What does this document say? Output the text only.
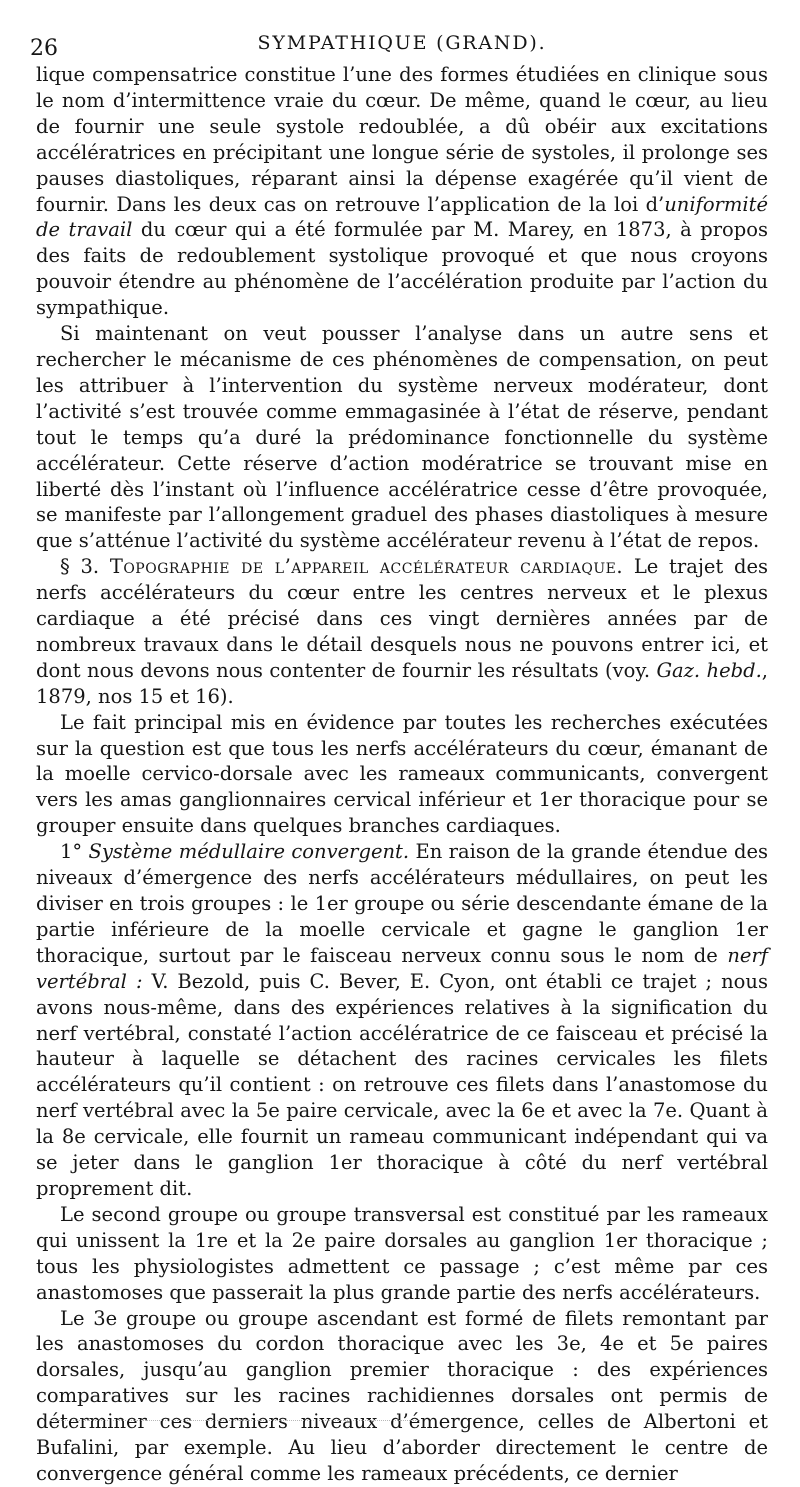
26	SYMPATHIQUE (GRAND).

lique compensatrice constitue l’une des formes étudiées en clinique sous le nom d’intermittence vraie du cœur. De même, quand le cœur, au lieu de fournir une seule systole redoublée, a dû obéir aux excitations accélératrices en précipitant une longue série de systoles, il prolonge ses pauses diastoliques, réparant ainsi la dépense exagérée qu’il vient de fournir. Dans les deux cas on retrouve l’application de la loi d’uniformité de travail du cœur qui a été formulée par M. Marey, en 1873, à propos des faits de redoublement systolique provoqué et que nous croyons pouvoir étendre au phénomène de l’accélération produite par l’action du sympathique.

Si maintenant on veut pousser l’analyse dans un autre sens et rechercher le mécanisme de ces phénomènes de compensation, on peut les attribuer à l’intervention du système nerveux modérateur, dont l’activité s’est trouvée comme emmagasinée à l’état de réserve, pendant tout le temps qu’a duré la prédominance fonctionnelle du système accélérateur. Cette réserve d’action modératrice se trouvant mise en liberté dès l’instant où l’influence accélératrice cesse d’être provoquée, se manifeste par l’allongement graduel des phases diastoliques à mesure que s’atténue l’activité du système accélérateur revenu à l’état de repos.

§ 3. Topographie de l’appareil accélérateur cardiaque. Le trajet des nerfs accélérateurs du cœur entre les centres nerveux et le plexus cardiaque a été précisé dans ces vingt dernières années par de nombreux travaux dans le détail desquels nous ne pouvons entrer ici, et dont nous devons nous contenter de fournir les résultats (voy. Gaz. hebd., 1879, nos 15 et 16).

Le fait principal mis en évidence par toutes les recherches exécutées sur la question est que tous les nerfs accélérateurs du cœur, émanant de la moelle cervico-dorsale avec les rameaux communicants, convergent vers les amas ganglionnaires cervical inférieur et 1er thoracique pour se grouper ensuite dans quelques branches cardiaques.

1° Système médullaire convergent. En raison de la grande étendue des niveaux d’émergence des nerfs accélérateurs médullaires, on peut les diviser en trois groupes : le 1er groupe ou série descendante émane de la partie inférieure de la moelle cervicale et gagne le ganglion 1er thoracique, surtout par le faisceau nerveux connu sous le nom de nerf vertébral : V. Bezold, puis C. Bever, E. Cyon, ont établi ce trajet ; nous avons nous-même, dans des expériences relatives à la signification du nerf vertébral, constaté l’action accélératrice de ce faisceau et précisé la hauteur à laquelle se détachent des racines cervicales les filets accélérateurs qu’il contient : on retrouve ces filets dans l’anastomose du nerf vertébral avec la 5e paire cervicale, avec la 6e et avec la 7e. Quant à la 8e cervicale, elle fournit un rameau communicant indépendant qui va se jeter dans le ganglion 1er thoracique à côté du nerf vertébral proprement dit.

Le second groupe ou groupe transversal est constitué par les rameaux qui unissent la 1re et la 2e paire dorsales au ganglion 1er thoracique ; tous les physiologistes admettent ce passage ; c’est même par ces anastomoses que passerait la plus grande partie des nerfs accélérateurs.

Le 3e groupe ou groupe ascendant est formé de filets remontant par les anastomoses du cordon thoracique avec les 3e, 4e et 5e paires dorsales, jusqu’au ganglion premier thoracique : des expériences comparatives sur les racines rachidiennes dorsales ont permis de déterminer ces derniers niveaux d’émergence, celles de Albertoni et Bufalini, par exemple. Au lieu d’aborder directement le centre de convergence général comme les rameaux précédents, ce dernier
